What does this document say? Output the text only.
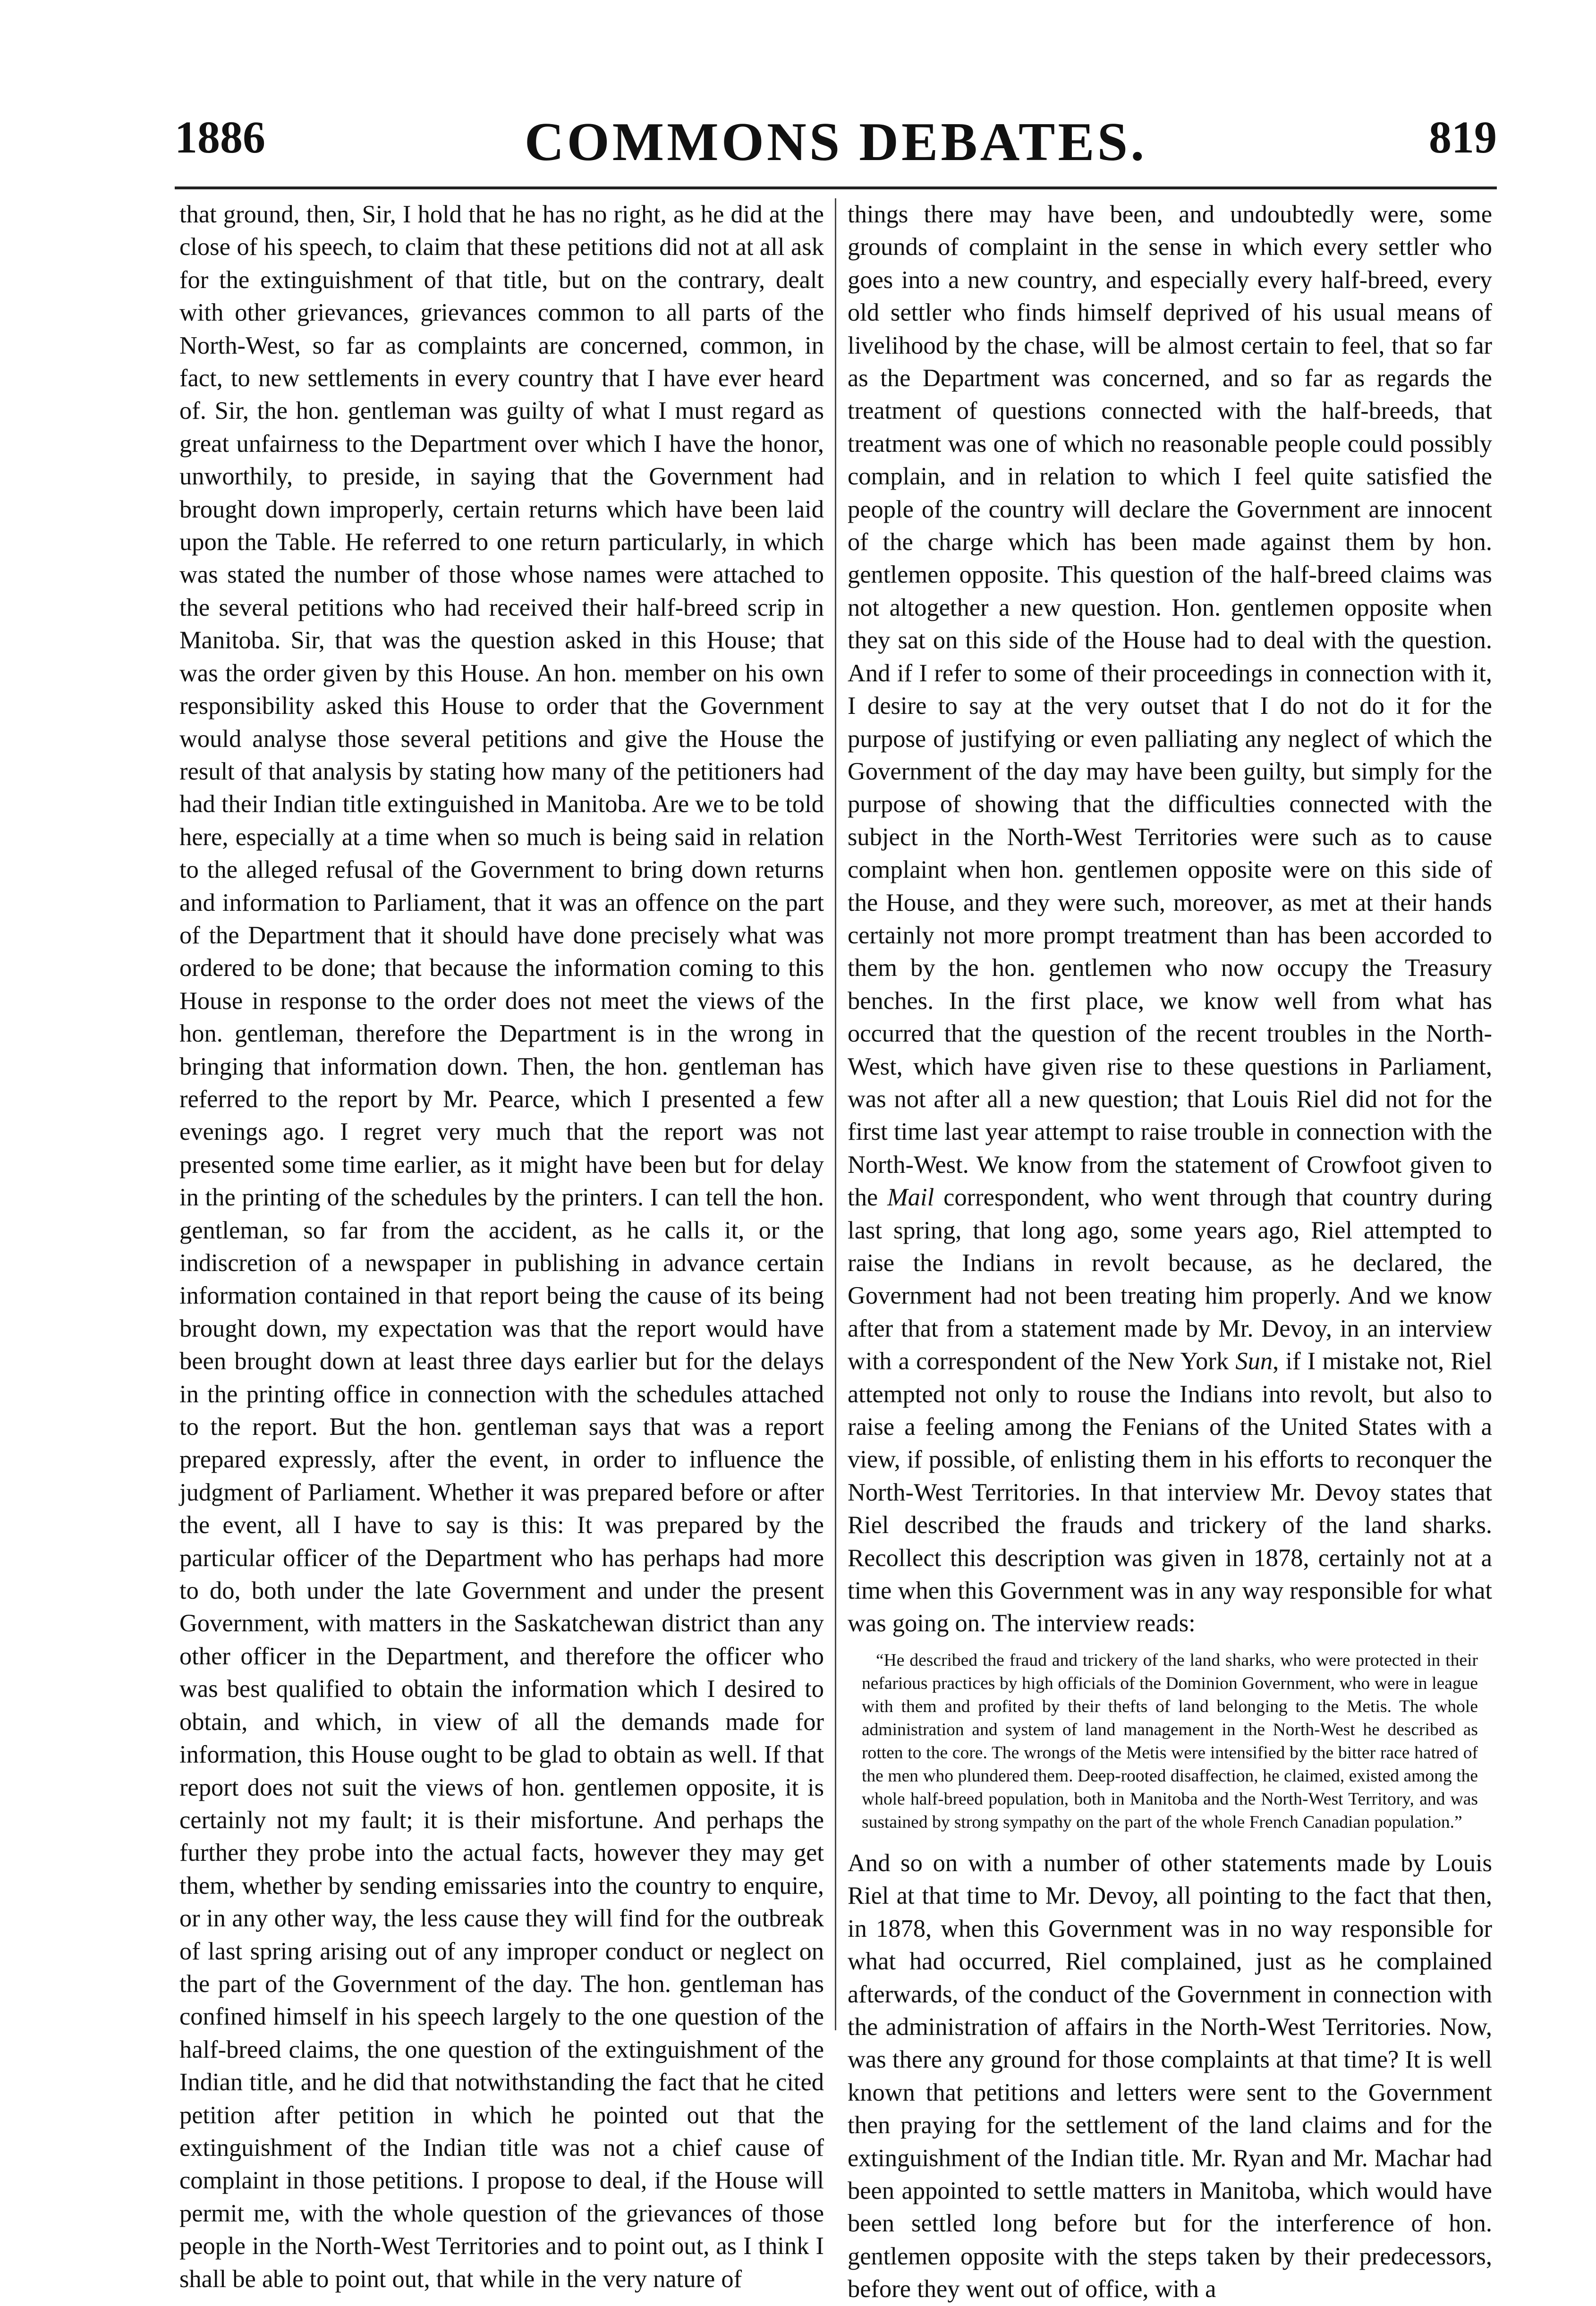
1886	COMMONS DEBATES.	819

that ground, then, Sir, I hold that he has no right, as he did at the close of his speech, to claim that these petitions did not at all ask for the extinguishment of that title, but on the contrary, dealt with other grievances, grievances common to all parts of the North-West, so far as complaints are concerned, common, in fact, to new settlements in every country that I have ever heard of. Sir, the hon. gentleman was guilty of what I must regard as great unfairness to the Department over which I have the honor, unworthily, to preside, in saying that the Government had brought down improperly, certain returns which have been laid upon the Table. He referred to one return particularly, in which was stated the number of those whose names were attached to the several petitions who had received their half-breed scrip in Manitoba. Sir, that was the question asked in this House; that was the order given by this House. An hon. member on his own responsibility asked this House to order that the Government would analyse those several petitions and give the House the result of that analysis by stating how many of the petitioners had had their Indian title extinguished in Manitoba. Are we to be told here, especially at a time when so much is being said in relation to the alleged refusal of the Government to bring down returns and information to Parliament, that it was an offence on the part of the Department that it should have done precisely what was ordered to be done; that because the information coming to this House in response to the order does not meet the views of the hon. gentleman, therefore the Department is in the wrong in bringing that information down. Then, the hon. gentleman has referred to the report by Mr. Pearce, which I presented a few evenings ago. I regret very much that the report was not presented some time earlier, as it might have been but for delay in the printing of the schedules by the printers. I can tell the hon. gentleman, so far from the accident, as he calls it, or the indiscretion of a newspaper in publishing in advance certain information contained in that report being the cause of its being brought down, my expectation was that the report would have been brought down at least three days earlier but for the delays in the printing office in connection with the schedules attached to the report. But the hon. gentleman says that was a report prepared expressly, after the event, in order to influence the judgment of Parliament. Whether it was prepared before or after the event, all I have to say is this: It was prepared by the particular officer of the Department who has perhaps had more to do, both under the late Government and under the present Government, with matters in the Saskatchewan district than any other officer in the Department, and therefore the officer who was best qualified to obtain the information which I desired to obtain, and which, in view of all the demands made for information, this House ought to be glad to obtain as well. If that report does not suit the views of hon. gentlemen opposite, it is certainly not my fault; it is their misfortune. And perhaps the further they probe into the actual facts, however they may get them, whether by sending emissaries into the country to enquire, or in any other way, the less cause they will find for the outbreak of last spring arising out of any improper conduct or neglect on the part of the Government of the day. The hon. gentleman has confined himself in his speech largely to the one question of the half-breed claims, the one question of the extinguishment of the Indian title, and he did that notwithstanding the fact that he cited petition after petition in which he pointed out that the extinguishment of the Indian title was not a chief cause of complaint in those petitions. I propose to deal, if the House will permit me, with the whole question of the grievances of those people in the North-West Territories and to point out, as I think I shall be able to point out, that while in the very nature of

things there may have been, and undoubtedly were, some grounds of complaint in the sense in which every settler who goes into a new country, and especially every half-breed, every old settler who finds himself deprived of his usual means of livelihood by the chase, will be almost certain to feel, that so far as the Department was concerned, and so far as regards the treatment of questions connected with the half-breeds, that treatment was one of which no reasonable people could possibly complain, and in relation to which I feel quite satisfied the people of the country will declare the Government are innocent of the charge which has been made against them by hon. gentlemen opposite. This question of the half-breed claims was not altogether a new question. Hon. gentlemen opposite when they sat on this side of the House had to deal with the question. And if I refer to some of their proceedings in connection with it, I desire to say at the very outset that I do not do it for the purpose of justifying or even palliating any neglect of which the Government of the day may have been guilty, but simply for the purpose of showing that the difficulties connected with the subject in the North-West Territories were such as to cause complaint when hon. gentlemen opposite were on this side of the House, and they were such, moreover, as met at their hands certainly not more prompt treatment than has been accorded to them by the hon. gentlemen who now occupy the Treasury benches. In the first place, we know well from what has occurred that the question of the recent troubles in the North-West, which have given rise to these questions in Parliament, was not after all a new question; that Louis Riel did not for the first time last year attempt to raise trouble in connection with the North-West. We know from the statement of Crowfoot given to the Mail correspondent, who went through that country during last spring, that long ago, some years ago, Riel attempted to raise the Indians in revolt because, as he declared, the Government had not been treating him properly. And we know after that from a statement made by Mr. Devoy, in an interview with a correspondent of the New York Sun, if I mistake not, Riel attempted not only to rouse the Indians into revolt, but also to raise a feeling among the Fenians of the United States with a view, if possible, of enlisting them in his efforts to reconquer the North-West Territories. In that interview Mr. Devoy states that Riel described the frauds and trickery of the land sharks. Recollect this description was given in 1878, certainly not at a time when this Government was in any way responsible for what was going on. The interview reads:

“He described the fraud and trickery of the land sharks, who were protected in their nefarious practices by high officials of the Dominion Government, who were in league with them and profited by their thefts of land belonging to the Metis. The whole administration and system of land management in the North-West he described as rotten to the core. The wrongs of the Metis were intensified by the bitter race hatred of the men who plundered them. Deep-rooted disaffection, he claimed, existed among the whole half-breed population, both in Manitoba and the North-West Territory, and was sustained by strong sympathy on the part of the whole French Canadian population.”

And so on with a number of other statements made by Louis Riel at that time to Mr. Devoy, all pointing to the fact that then, in 1878, when this Government was in no way responsible for what had occurred, Riel complained, just as he complained afterwards, of the conduct of the Government in connection with the administration of affairs in the North-West Territories. Now, was there any ground for those complaints at that time? It is well known that petitions and letters were sent to the Government then praying for the settlement of the land claims and for the extinguishment of the Indian title. Mr. Ryan and Mr. Machar had been appointed to settle matters in Manitoba, which would have been settled long before but for the interference of hon. gentlemen opposite with the steps taken by their predecessors, before they went out of office, with a
